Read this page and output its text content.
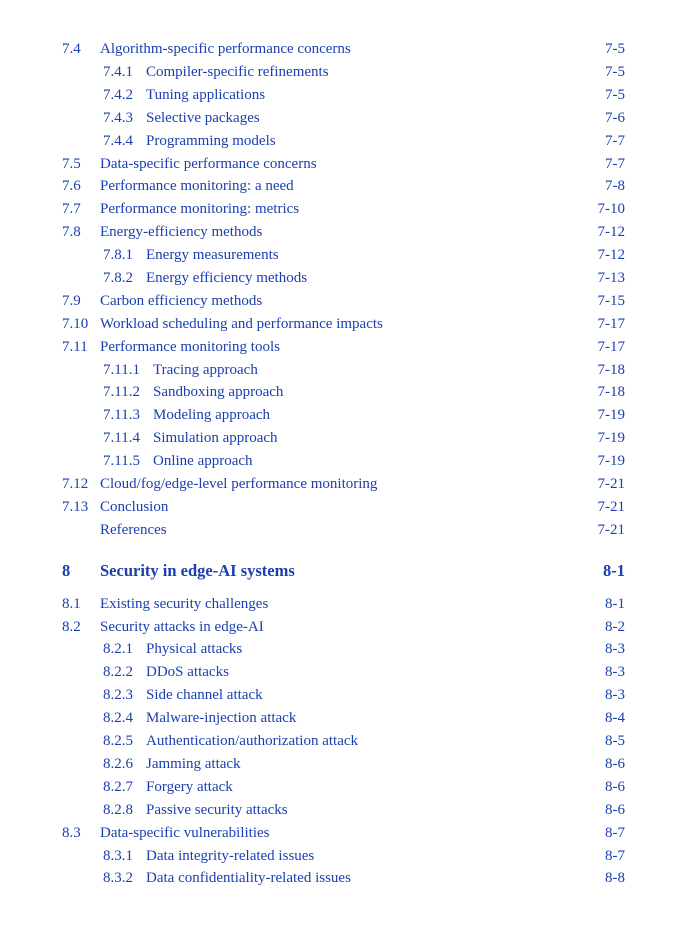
7.4 Algorithm-specific performance concerns	7-5
7.4.1 Compiler-specific refinements	7-5
7.4.2 Tuning applications	7-5
7.4.3 Selective packages	7-6
7.4.4 Programming models	7-7
7.5 Data-specific performance concerns	7-7
7.6 Performance monitoring: a need	7-8
7.7 Performance monitoring: metrics	7-10
7.8 Energy-efficiency methods	7-12
7.8.1 Energy measurements	7-12
7.8.2 Energy efficiency methods	7-13
7.9 Carbon efficiency methods	7-15
7.10 Workload scheduling and performance impacts	7-17
7.11 Performance monitoring tools	7-17
7.11.1 Tracing approach	7-18
7.11.2 Sandboxing approach	7-18
7.11.3 Modeling approach	7-19
7.11.4 Simulation approach	7-19
7.11.5 Online approach	7-19
7.12 Cloud/fog/edge-level performance monitoring	7-21
7.13 Conclusion	7-21
References	7-21
8 Security in edge-AI systems	8-1
8.1 Existing security challenges	8-1
8.2 Security attacks in edge-AI	8-2
8.2.1 Physical attacks	8-3
8.2.2 DDoS attacks	8-3
8.2.3 Side channel attack	8-3
8.2.4 Malware-injection attack	8-4
8.2.5 Authentication/authorization attack	8-5
8.2.6 Jamming attack	8-6
8.2.7 Forgery attack	8-6
8.2.8 Passive security attacks	8-6
8.3 Data-specific vulnerabilities	8-7
8.3.1 Data integrity-related issues	8-7
8.3.2 Data confidentiality-related issues	8-8
